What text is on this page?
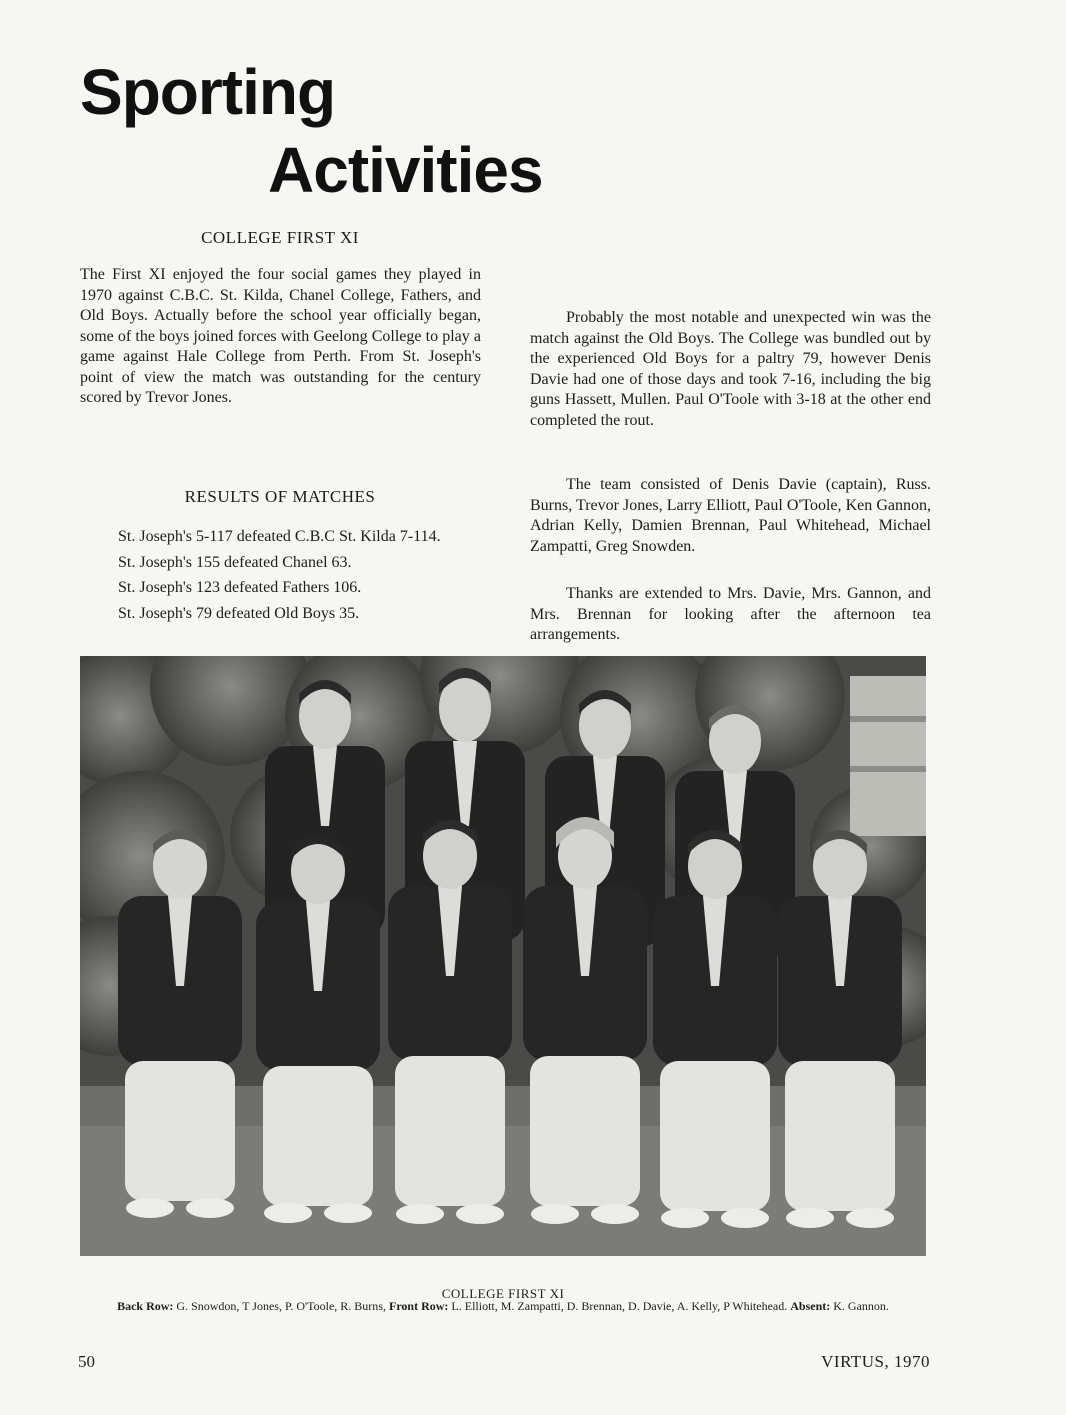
Sporting
Activities
COLLEGE FIRST XI

The First XI enjoyed the four social games they played in 1970 against C.B.C. St. Kilda, Chanel College, Fathers, and Old Boys. Actually before the school year officially began, some of the boys joined forces with Geelong College to play a game against Hale College from Perth. From St. Joseph's point of view the match was outstanding for the century scored by Trevor Jones.

RESULTS OF MATCHES
St. Joseph's 5-117 defeated C.B.C St. Kilda 7-114.
St. Joseph's 155 defeated Chanel 63.
St. Joseph's 123 defeated Fathers 106.
St. Joseph's 79 defeated Old Boys 35.

Probably the most notable and unexpected win was the match against the Old Boys. The College was bundled out by the experienced Old Boys for a paltry 79, however Denis Davie had one of those days and took 7-16, including the big guns Hassett, Mullen. Paul O'Toole with 3-18 at the other end completed the rout.

The team consisted of Denis Davie (captain), Russ. Burns, Trevor Jones, Larry Elliott, Paul O'Toole, Ken Gannon, Adrian Kelly, Damien Brennan, Paul Whitehead, Michael Zampatti, Greg Snowden.

Thanks are extended to Mrs. Davie, Mrs. Gannon, and Mrs. Brennan for looking after the afternoon tea arrangements.

COLLEGE FIRST XI

Back Row: G. Snowdon, T Jones, P. O'Toole, R. Burns, Front Row: L. Elliott, M. Zampatti, D. Brennan, D. Davie, A. Kelly, P Whitehead. Absent: K. Gannon.

50	VIRTUS, 1970
